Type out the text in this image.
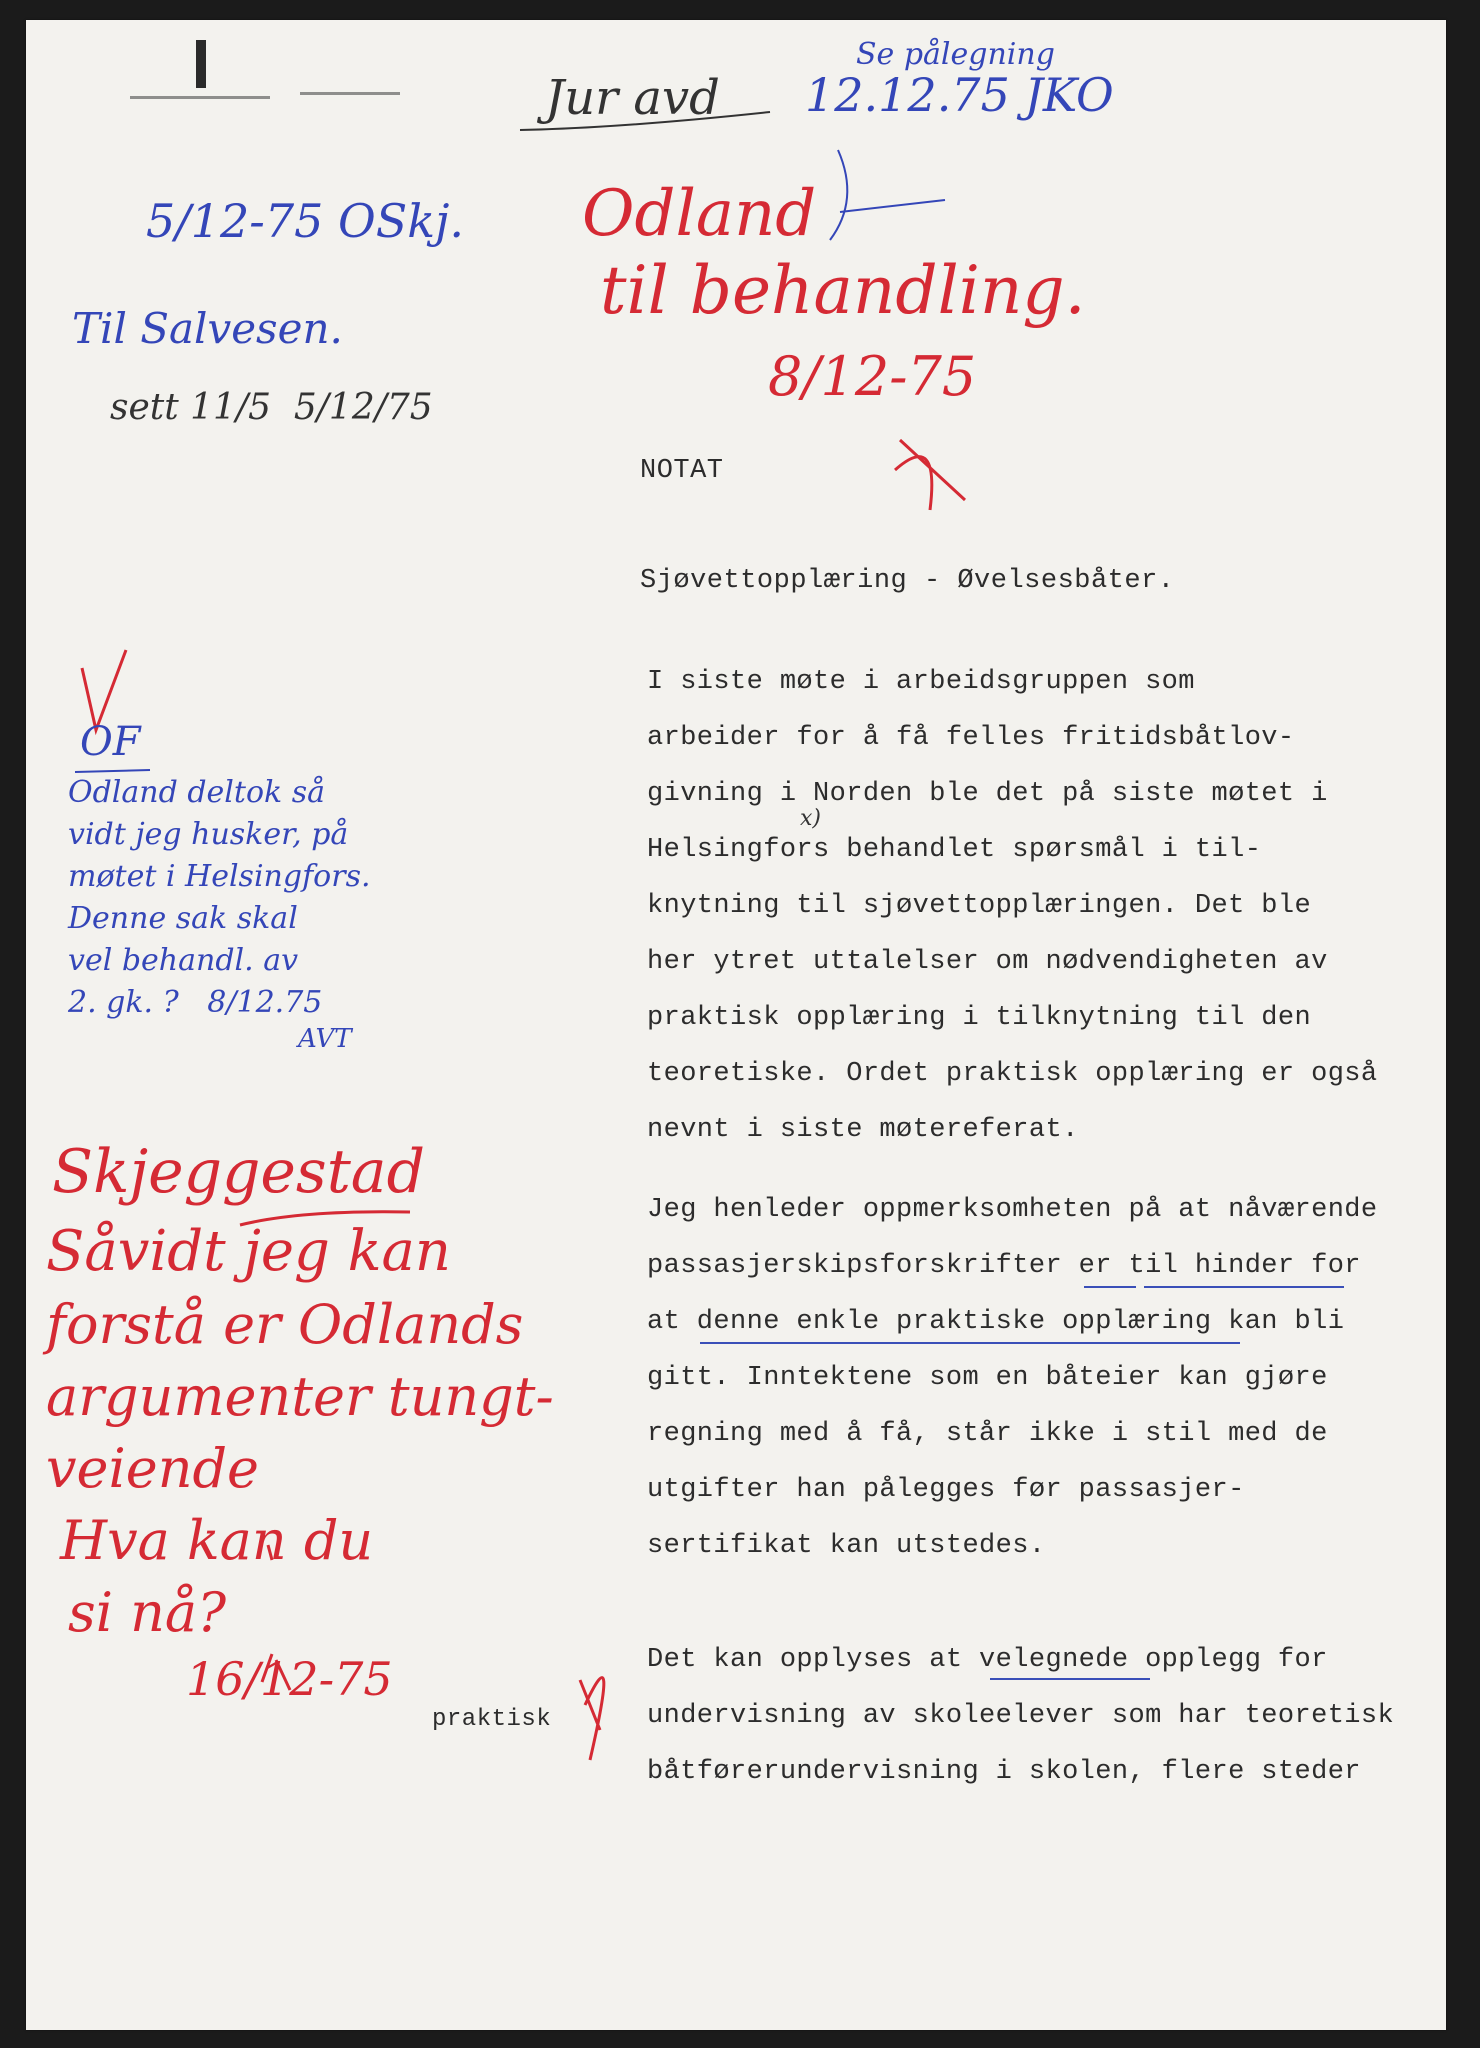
Jur avd
Se pålegning
12.12.75 JKO
5/12-75 OSkj.
Til Salvesen.
sett 11/5  5/12/75
Odland
til behandling.
8/12-75
NOTAT
Sjøvettopplæring - Øvelsesbåter.
I siste møte i arbeidsgruppen som
arbeider for å få felles fritidsbåtlov-
givning i Norden ble det på siste møtet i
Helsingfors behandlet spørsmål i til-
knytning til sjøvettopplæringen. Det ble
her ytret uttalelser om nødvendigheten av
praktisk opplæring i tilknytning til den
teoretiske. Ordet praktisk opplæring er også
nevnt i siste møtereferat.
x)
Jeg henleder oppmerksomheten på at nåværende
passasjerskipsforskrifter er til hinder for
at denne enkle praktiske opplæring kan bli
gitt. Inntektene som en båteier kan gjøre
regning med å få, står ikke i stil med de
utgifter han pålegges før passasjer-
sertifikat kan utstedes.
Det kan opplyses at velegnede opplegg for
undervisning av skoleelever som har teoretisk
båtførerundervisning i skolen, flere steder
praktisk
OF
Odland deltok så
vidt jeg husker, på
møtet i Helsingfors.
Denne sak skal
vel behandl. av
2. gk. ?   8/12.75
AVT
Skjeggestad
Såvidt jeg kan
forstå er Odlands
argumenter tungt-
veiende
Hva kan du
si nå?
16/12-75
